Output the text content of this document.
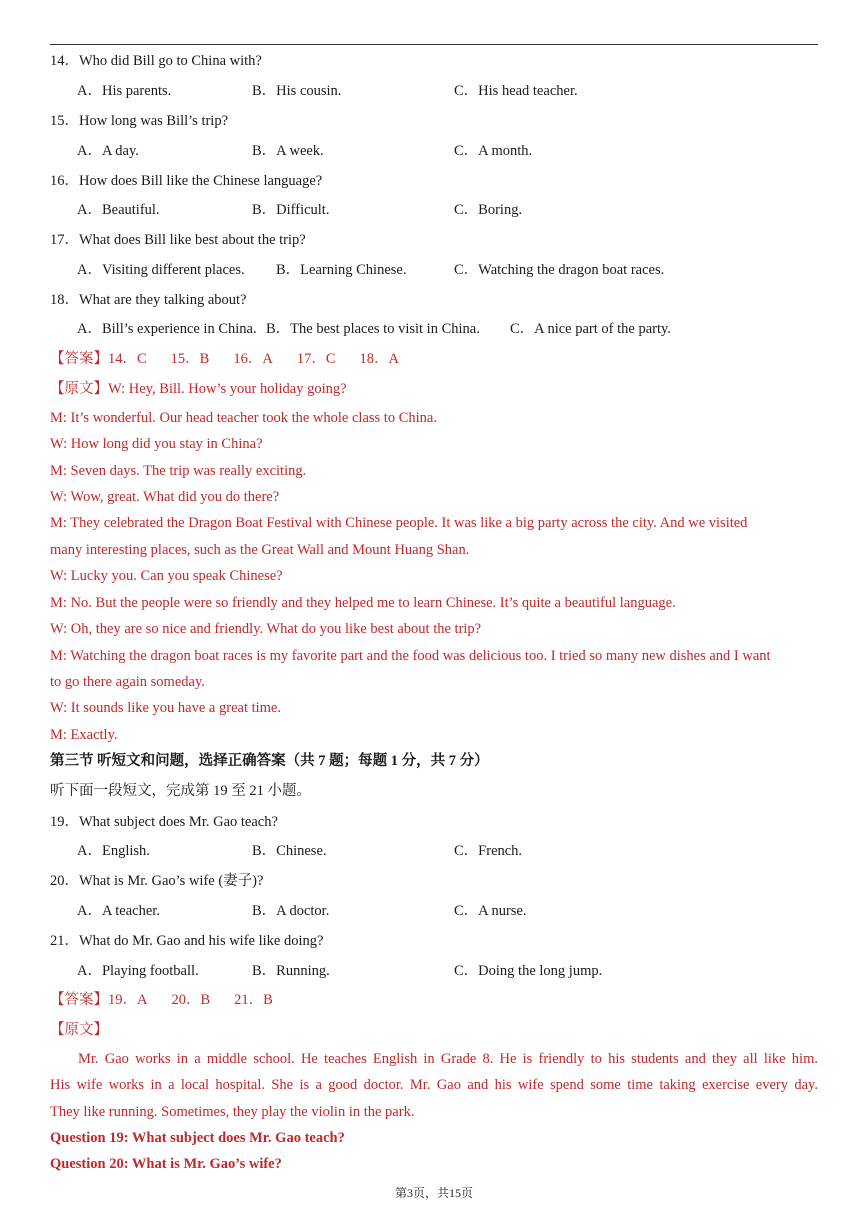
14．Who did Bill go to China with?
A．His parents.	B．His cousin.	C．His head teacher.
15．How long was Bill’s trip?
A．A day.	B．A week.	C．A month.
16．How does Bill like the Chinese language?
A．Beautiful.	B．Difficult.	C．Boring.
17．What does Bill like best about the trip?
A．Visiting different places. B．Learning Chinese.	C．Watching the dragon boat races.
18．What are they talking about?
A．Bill’s experience in China. B．The best places to visit in China. C．A nice part of the party.
【答案】14．C 15．B 16．A 17．C 18．A
【原文】W: Hey, Bill. How’s your holiday going?
M: It’s wonderful. Our head teacher took the whole class to China.
W: How long did you stay in China?
M: Seven days. The trip was really exciting.
W: Wow, great. What did you do there?
M: They celebrated the Dragon Boat Festival with Chinese people. It was like a big party across the city. And we visited
many interesting places, such as the Great Wall and Mount Huang Shan.
W: Lucky you. Can you speak Chinese?
M: No. But the people were so friendly and they helped me to learn Chinese. It’s quite a beautiful language.
W: Oh, they are so nice and friendly. What do you like best about the trip?
M: Watching the dragon boat races is my favorite part and the food was delicious too. I tried so many new dishes and I want
to go there again someday.
W: It sounds like you have a great time.
M: Exactly.
第三节 听短文和问题，选择正确答案（共 7 题；每题 1 分，共 7 分）
听下面一段短文，完成第 19 至 21 小题。
19．What subject does Mr. Gao teach?
A．English.	B．Chinese.	C．French.
20．What is Mr. Gao’s wife (妻子)?
A．A teacher.	B．A doctor.	C．A nurse.
21．What do Mr. Gao and his wife like doing?
A．Playing football.	B．Running.	C．Doing the long jump.
【答案】19．A 20．B 21．B
【原文】
Mr. Gao works in a middle school. He teaches English in Grade 8. He is friendly to his students and they all like him.
His wife works in a local hospital. She is a good doctor. Mr. Gao and his wife spend some time taking exercise every day.
They like running. Sometimes, they play the violin in the park.
Question 19: What subject does Mr. Gao teach?
Question 20: What is Mr. Gao’s wife?
第3页，共15页
